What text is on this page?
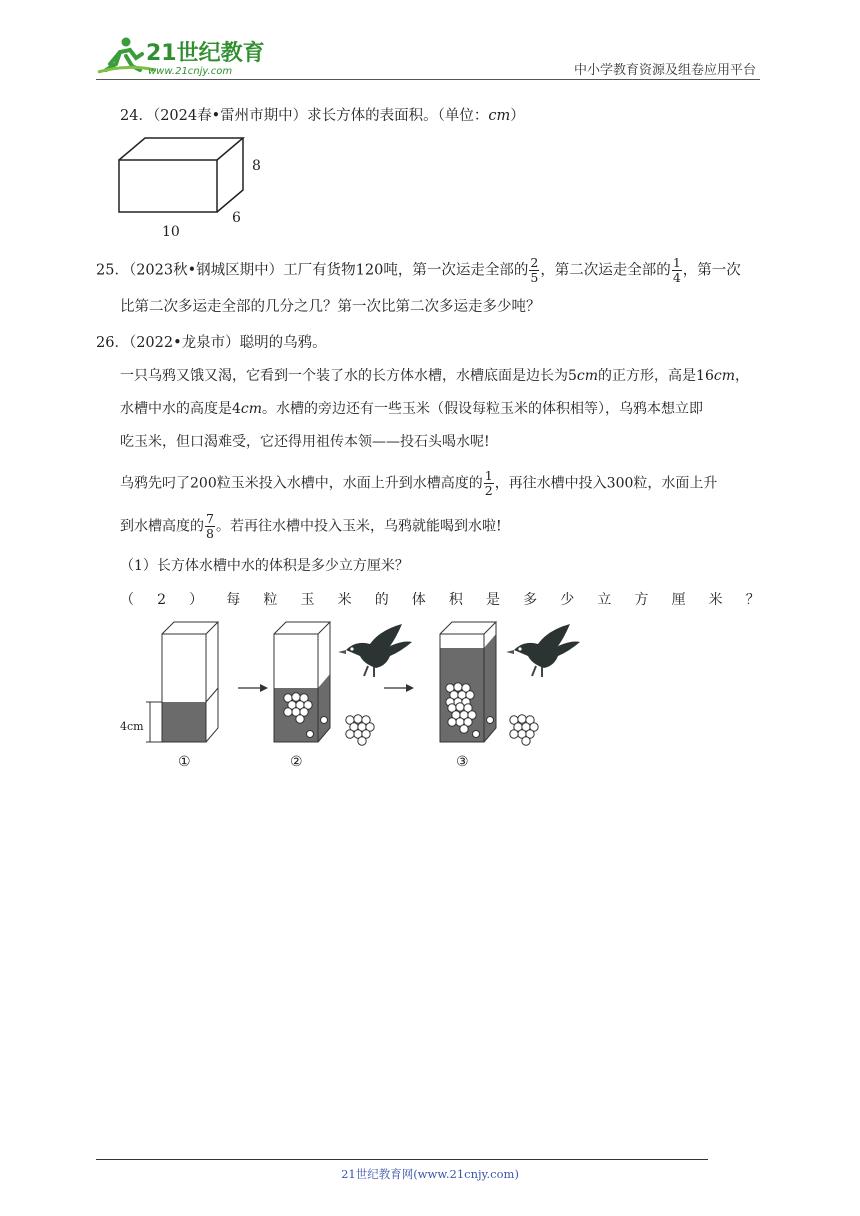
21世纪教育
www.21cnjy.com	中小学教育资源及组卷应用平台
24．（2024春•雷州市期中）求长方体的表面积。（单位：cm）
8
6
10
25．（2023秋•钢城区期中）工厂有货物120吨，第一次运走全部的 $\frac{2}{5}$ ，第二次运走全部的 $\frac{1}{4}$ ，第一次
比第二次多运走全部的几分之几？第一次比第二次多运走多少吨？
26．（2022•龙泉市）聪明的乌鸦。
一只乌鸦又饿又渴，它看到一个装了水的长方体水槽，水槽底面是边长为5cm的正方形，高是16cm，
水槽中水的高度是4cm。水槽的旁边还有一些玉米（假设每粒玉米的体积相等），乌鸦本想立即
吃玉米，但口渴难受，它还得用祖传本领——投石头喝水呢!
乌鸦先叼了200粒玉米投入水槽中，水面上升到水槽高度的 $\frac{1}{2}$ ，再往水槽中投入300粒，水面上升
到水槽高度的 $\frac{7}{8}$ 。若再往水槽中投入玉米，乌鸦就能喝到水啦!
（1）长方体水槽中水的体积是多少立方厘米？
（ 2 ） 每 粒 玉 米 的 体 积 是 多 少 立 方 厘 米 ？
4cm
①	②	③
21世纪教育网(www.21cnjy.com)
